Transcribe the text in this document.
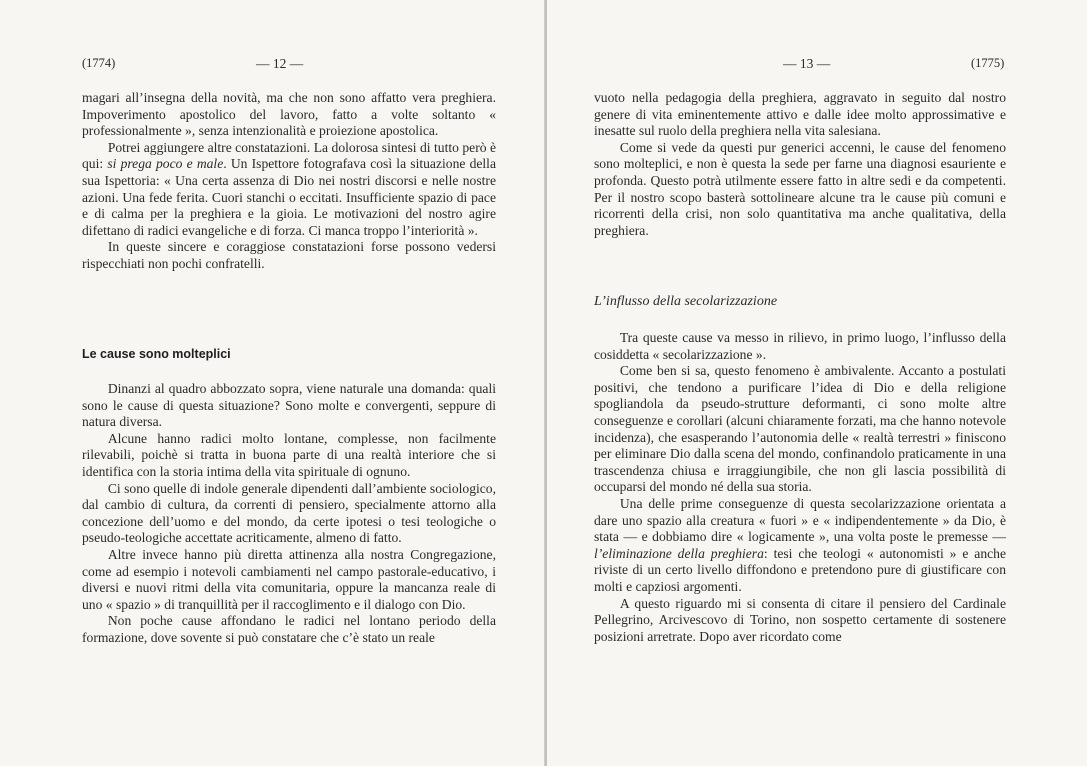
(1774)	— 12 —

magari all’insegna della novità, ma che non sono affatto vera preghiera. Impoverimento apostolico del lavoro, fatto a volte soltanto « professionalmente », senza intenzionalità e proiezione apostolica.

Potrei aggiungere altre constatazioni. La dolorosa sintesi di tutto però è qui: si prega poco e male. Un Ispettore fotografava così la situazione della sua Ispettoria: « Una certa assenza di Dio nei nostri discorsi e nelle nostre azioni. Una fede ferita. Cuori stanchi o eccitati. Insufficiente spazio di pace e di calma per la preghiera e la gioia. Le motivazioni del nostro agire difettano di radici evangeliche e di forza. Ci manca troppo l’interiorità ».

In queste sincere e coraggiose constatazioni forse possono vedersi rispecchiati non pochi confratelli.

Le cause sono molteplici

Dinanzi al quadro abbozzato sopra, viene naturale una domanda: quali sono le cause di questa situazione? Sono molte e convergenti, seppure di natura diversa.

Alcune hanno radici molto lontane, complesse, non facilmente rilevabili, poichè si tratta in buona parte di una realtà interiore che si identifica con la storia intima della vita spirituale di ognuno.

Ci sono quelle di indole generale dipendenti dall’ambiente sociologico, dal cambio di cultura, da correnti di pensiero, specialmente attorno alla concezione dell’uomo e del mondo, da certe ipotesi o tesi teologiche o pseudo-teologiche accettate acriticamente, almeno di fatto.

Altre invece hanno più diretta attinenza alla nostra Congregazione, come ad esempio i notevoli cambiamenti nel campo pastorale-educativo, i diversi e nuovi ritmi della vita comunitaria, oppure la mancanza reale di uno « spazio » di tranquillità per il raccoglimento e il dialogo con Dio.

Non poche cause affondano le radici nel lontano periodo della formazione, dove sovente si può constatare che c’è stato un reale

— 13 —	(1775)

vuoto nella pedagogia della preghiera, aggravato in seguito dal nostro genere di vita eminentemente attivo e dalle idee molto approssimative e inesatte sul ruolo della preghiera nella vita salesiana.

Come si vede da questi pur generici accenni, le cause del fenomeno sono molteplici, e non è questa la sede per farne una diagnosi esauriente e profonda. Questo potrà utilmente essere fatto in altre sedi e da competenti. Per il nostro scopo basterà sottolineare alcune tra le cause più comuni e ricorrenti della crisi, non solo quantitativa ma anche qualitativa, della preghiera.

L’influsso della secolarizzazione

Tra queste cause va messo in rilievo, in primo luogo, l’influsso della cosiddetta « secolarizzazione ».

Come ben si sa, questo fenomeno è ambivalente. Accanto a postulati positivi, che tendono a purificare l’idea di Dio e della religione spogliandola da pseudo-strutture deformanti, ci sono molte altre conseguenze e corollari (alcuni chiaramente forzati, ma che hanno notevole incidenza), che esasperando l’autonomia delle « realtà terrestri » finiscono per eliminare Dio dalla scena del mondo, confinandolo praticamente in una trascendenza chiusa e irraggiungibile, che non gli lascia possibilità di occuparsi del mondo né della sua storia.

Una delle prime conseguenze di questa secolarizzazione orientata a dare uno spazio alla creatura « fuori » e « indipendentemente » da Dio, è stata — e dobbiamo dire « logicamente », una volta poste le premesse — l’eliminazione della preghiera: tesi che teologi « autonomisti » e anche riviste di un certo livello diffondono e pretendono pure di giustificare con molti e capziosi argomenti.

A questo riguardo mi si consenta di citare il pensiero del Cardinale Pellegrino, Arcivescovo di Torino, non sospetto certamente di sostenere posizioni arretrate. Dopo aver ricordato come
